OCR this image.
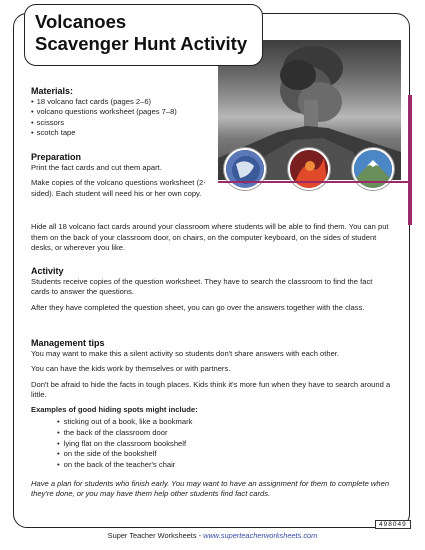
Volcanoes
Scavenger Hunt Activity
Materials:
• 18 volcano fact cards (pages 2–6)
• volcano questions worksheet (pages 7–8)
• scissors
• scotch tape
Preparation
Print the fact cards and cut them apart.
Make copies of the volcano questions worksheet (2-sided). Each student will need his or her own copy.
Hide all 18 volcano fact cards around your classroom where students will be able to find them. You can put them on the back of your classroom door, on chairs, on the computer keyboard, on the sides of student desks, or wherever you like.
Activity
Students receive copies of the question worksheet. They have to search the classroom to find the fact cards to answer the questions.
After they have completed the question sheet, you can go over the answers together with the class.
Management tips
You may want to make this a silent activity so students don't share answers with each other.
You can have the kids work by themselves or with partners.
Don't be afraid to hide the facts in tough places. Kids think it's more fun when they have to search around a little.
Examples of good hiding spots might include:
• sticking out of a book, like a bookmark
• the back of the classroom door
• lying flat on the classroom bookshelf
• on the side of the bookshelf
• on the back of the teacher's chair
Have a plan for students who finish early. You may want to have an assignment for them to complete when they're done, or you may have them help other students find fact cards.
498049
Super Teacher Worksheets - www.superteacherworksheets.com
